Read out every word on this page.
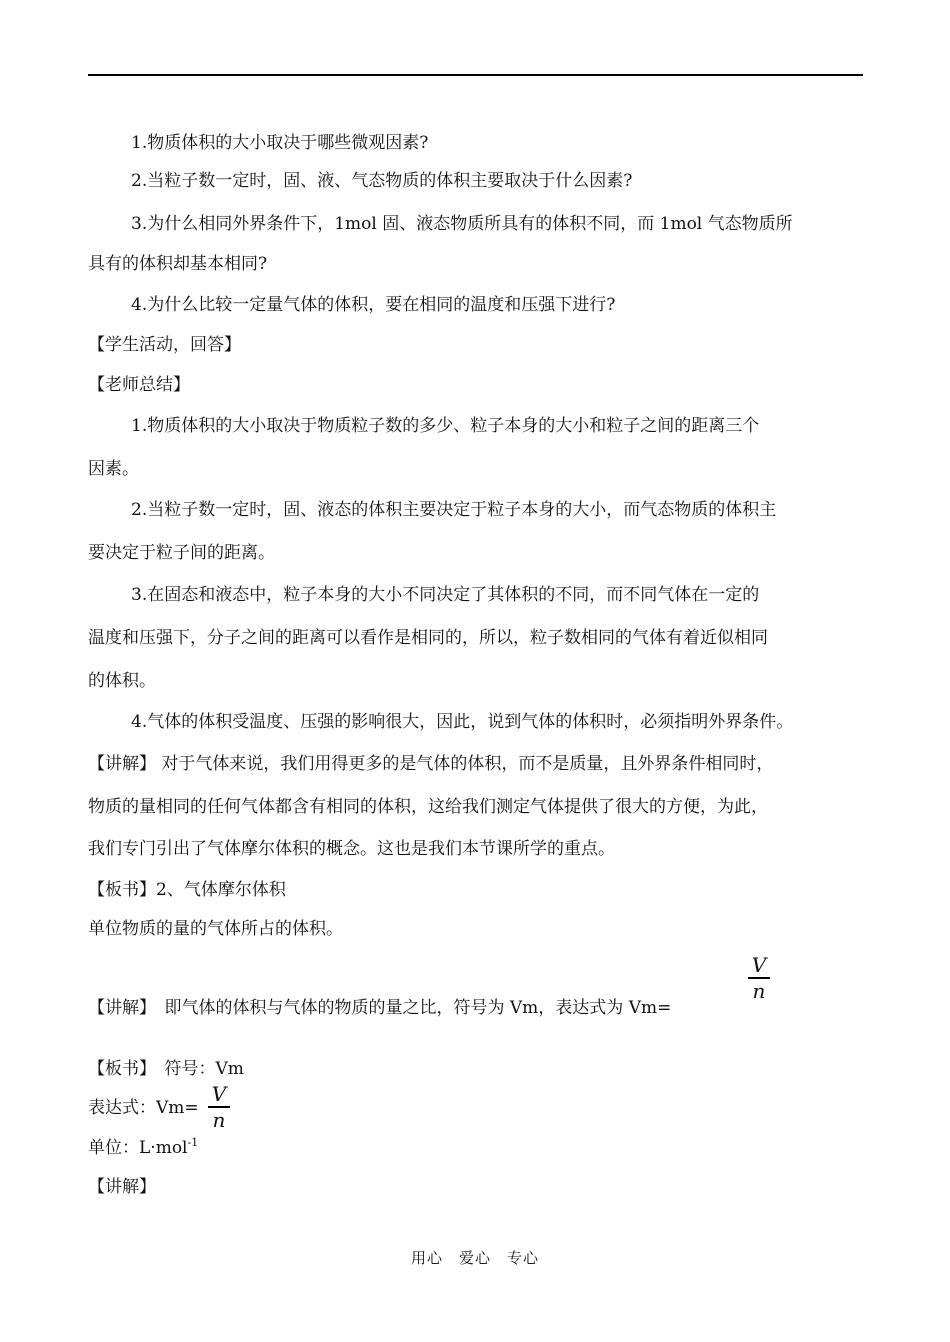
1.物质体积的大小取决于哪些微观因素?
2.当粒子数一定时，固、液、气态物质的体积主要取决于什么因素?
3.为什么相同外界条件下，1mol 固、液态物质所具有的体积不同，而 1mol 气态物质所
具有的体积却基本相同?
4.为什么比较一定量气体的体积，要在相同的温度和压强下进行?
【学生活动，回答】
【老师总结】
1.物质体积的大小取决于物质粒子数的多少、粒子本身的大小和粒子之间的距离三个
因素。
2.当粒子数一定时，固、液态的体积主要决定于粒子本身的大小，而气态物质的体积主
要决定于粒子间的距离。
3.在固态和液态中，粒子本身的大小不同决定了其体积的不同，而不同气体在一定的
温度和压强下，分子之间的距离可以看作是相同的，所以，粒子数相同的气体有着近似相同
的体积。
4.气体的体积受温度、压强的影响很大，因此，说到气体的体积时，必须指明外界条件。
【讲解】 对于气体来说，我们用得更多的是气体的体积，而不是质量，且外界条件相同时，
物质的量相同的任何气体都含有相同的体积，这给我们测定气体提供了很大的方便，为此，
我们专门引出了气体摩尔体积的概念。这也是我们本节课所学的重点。
【板书】2、气体摩尔体积
单位物质的量的气体所占的体积。
【讲解】　即气体的体积与气体的物质的量之比，符号为 Vm，表达式为 Vm=
V
n
【板书】　符号：Vm
表达式：Vm=
V
n
单位：L·mol$^{-1}$
【讲解】
用心　爱心　专心
